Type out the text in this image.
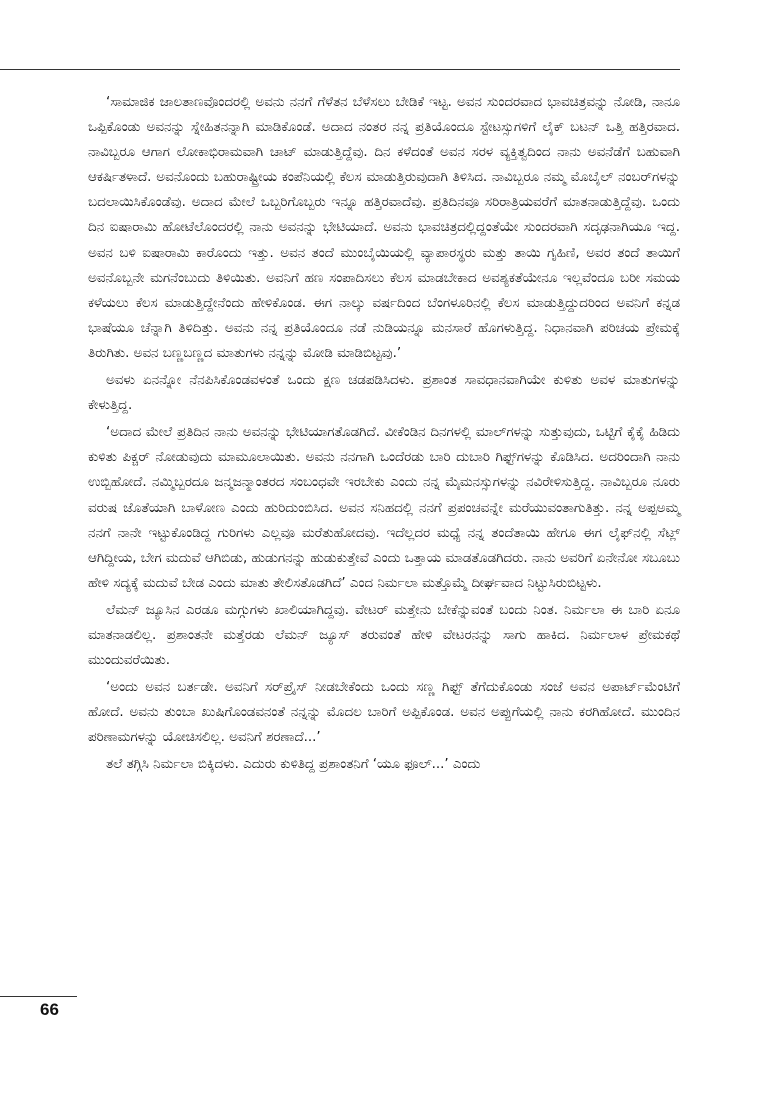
‘ಸಾಮಾಜಿಕ ಜಾಲತಾಣವೊಂದರಲ್ಲಿ ಅವನು ನನಗೆ ಗೆಳೆತನ ಬೆಳೆಸಲು ಬೇಡಿಕೆ ಇಟ್ಟ. ಅವನ ಸುಂದರವಾದ ಭಾವಚಿತ್ರವನ್ನು ನೋಡಿ, ನಾನೂ ಒಪ್ಪಿಕೊಂಡು ಅವನನ್ನು ಸ್ನೇಹಿತನನ್ನಾಗಿ ಮಾಡಿಕೊಂಡೆ. ಅದಾದ ನಂತರ ನನ್ನ ಪ್ರತಿಯೊಂದೂ ಸ್ಟೇಟಸ್ಸುಗಳಿಗೆ ಲೈಕ್ ಬಟನ್ ಒತ್ತಿ ಹತ್ತಿರವಾದ. ನಾವಿಬ್ಬರೂ ಆಗಾಗ ಲೋಕಾಭಿರಾಮವಾಗಿ ಚಾಟ್ ಮಾಡುತ್ತಿದ್ದೆವು. ದಿನ ಕಳೆದಂತೆ ಅವನ ಸರಳ ವ್ಯಕ್ತಿತ್ವದಿಂದ ನಾನು ಅವನೆಡೆಗೆ ಬಹುವಾಗಿ ಆಕರ್ಷಿತಳಾದೆ. ಅವನೊಂದು ಬಹುರಾಷ್ಟ್ರೀಯ ಕಂಪೆನಿಯಲ್ಲಿ ಕೆಲಸ ಮಾಡುತ್ತಿರುವುದಾಗಿ ತಿಳಿಸಿದ. ನಾವಿಬ್ಬರೂ ನಮ್ಮ ಮೊಬೈಲ್ ನಂಬರ್‌ಗಳನ್ನು ಬದಲಾಯಿಸಿಕೊಂಡೆವು. ಅದಾದ ಮೇಲೆ ಒಬ್ಬರಿಗೊಬ್ಬರು ಇನ್ನೂ ಹತ್ತಿರವಾದೆವು. ಪ್ರತಿದಿನವೂ ಸರಿರಾತ್ರಿಯವರೆಗೆ ಮಾತನಾಡುತ್ತಿದ್ದೆವು. ಒಂದು ದಿನ ಐಷಾರಾಮಿ ಹೋಟೆಲೊಂದರಲ್ಲಿ ನಾನು ಅವನನ್ನು ಭೇಟಿಯಾದೆ. ಅವನು ಭಾವಚಿತ್ರದಲ್ಲಿದ್ದಂತೆಯೇ ಸುಂದರವಾಗಿ ಸದೃಢನಾಗಿಯೂ ಇದ್ದ. ಅವನ ಬಳಿ ಐಷಾರಾಮಿ ಕಾರೊಂದು ಇತ್ತು. ಅವನ ತಂದೆ ಮುಂಬೈಯಿಯಲ್ಲಿ ವ್ಯಾಪಾರಸ್ಥರು ಮತ್ತು ತಾಯಿ ಗೃಹಿಣಿ, ಅವರ ತಂದೆ ತಾಯಿಗೆ ಅವನೊಬ್ಬನೇ ಮಗನೆಂಬುದು ತಿಳಿಯಿತು. ಅವನಿಗೆ ಹಣ ಸಂಪಾದಿಸಲು ಕೆಲಸ ಮಾಡಬೇಕಾದ ಅವಶ್ಯಕತೆಯೇನೂ ಇಲ್ಲವೆಂದೂ ಬರೀ ಸಮಯ ಕಳೆಯಲು ಕೆಲಸ ಮಾಡುತ್ತಿದ್ದೇನೆಂದು ಹೇಳಿಕೊಂಡ. ಈಗ ನಾಲ್ಕು ವರ್ಷದಿಂದ ಬೆಂಗಳೂರಿನಲ್ಲಿ ಕೆಲಸ ಮಾಡುತ್ತಿದ್ದುದರಿಂದ ಅವನಿಗೆ ಕನ್ನಡ ಭಾಷೆಯೂ ಚೆನ್ನಾಗಿ ತಿಳಿದಿತ್ತು. ಅವನು ನನ್ನ ಪ್ರತಿಯೊಂದೂ ನಡೆ ನುಡಿಯನ್ನೂ ಮನಸಾರೆ ಹೊಗಳುತ್ತಿದ್ದ. ನಿಧಾನವಾಗಿ ಪರಿಚಯ ಪ್ರೇಮಕ್ಕೆ ತಿರುಗಿತು. ಅವನ ಬಣ್ಣಬಣ್ಣದ ಮಾತುಗಳು ನನ್ನನ್ನು ಮೋಡಿ ಮಾಡಿಬಿಟ್ಟವು.’

ಅವಳು ಏನನ್ನೋ ನೆನಪಿಸಿಕೊಂಡವಳಂತೆ ಒಂದು ಕ್ಷಣ ಚಡಪಡಿಸಿದಳು. ಪ್ರಶಾಂತ ಸಾವಧಾನವಾಗಿಯೇ ಕುಳಿತು ಅವಳ ಮಾತುಗಳನ್ನು ಕೇಳುತ್ತಿದ್ದ.

‘ಅದಾದ ಮೇಲೆ ಪ್ರತಿದಿನ ನಾನು ಅವನನ್ನು ಭೇಟಿಯಾಗತೊಡಗಿದೆ. ವೀಕೆಂಡಿನ ದಿನಗಳಲ್ಲಿ ಮಾಲ್‌ಗಳನ್ನು ಸುತ್ತುವುದು, ಒಟ್ಟಿಗೆ ಕೈಕೈ ಹಿಡಿದು ಕುಳಿತು ಪಿಕ್ಚರ್ ನೋಡುವುದು ಮಾಮೂಲಾಯಿತು. ಅವನು ನನಗಾಗಿ ಒಂದೆರಡು ಬಾರಿ ದುಬಾರಿ ಗಿಫ್ಟ್‌ಗಳನ್ನು ಕೊಡಿಸಿದ. ಅದರಿಂದಾಗಿ ನಾನು ಉಬ್ಬಿಹೋದೆ. ನಮ್ಮಿಬ್ಬರದೂ ಜನ್ಮಜನ್ಮಾಂತರದ ಸಂಬಂಧವೇ ಇರಬೇಕು ಎಂದು ನನ್ನ ಮೈಮನಸ್ಸುಗಳನ್ನು ನವಿರೇಳಿಸುತ್ತಿದ್ದ. ನಾವಿಬ್ಬರೂ ನೂರು ವರುಷ ಜೊತೆಯಾಗಿ ಬಾಳೋಣ ಎಂದು ಹುರಿದುಂಬಿಸಿದ. ಅವನ ಸನಿಹದಲ್ಲಿ ನನಗೆ ಪ್ರಪಂಚವನ್ನೇ ಮರೆಯುವಂತಾಗುತಿತ್ತು. ನನ್ನ ಅಪ್ಪಅಮ್ಮ ನನಗೆ ನಾನೇ ಇಟ್ಟುಕೊಂಡಿದ್ದ ಗುರಿಗಳು ಎಲ್ಲವೂ ಮರೆತುಹೋದವು. ಇದೆಲ್ಲದರ ಮಧ್ಯೆ ನನ್ನ ತಂದೆತಾಯಿ ಹೇಗೂ ಈಗ ಲೈಫ್‌ನಲ್ಲಿ ಸೆಟ್ಲ್ ಆಗಿದ್ದೀಯ, ಬೇಗ ಮದುವೆ ಆಗಿಬಿಡು, ಹುಡುಗನನ್ನು ಹುಡುಕುತ್ತೇವೆ ಎಂದು ಒತ್ತಾಯ ಮಾಡತೊಡಗಿದರು. ನಾನು ಅವರಿಗೆ ಏನೇನೋ ಸಬೂಬು ಹೇಳಿ ಸದ್ಯಕ್ಕೆ ಮದುವೆ ಬೇಡ ಎಂದು ಮಾತು ತೇಲಿಸತೊಡಗಿದೆ’ ಎಂದ ನಿರ್ಮಲಾ ಮತ್ತೊಮ್ಮೆ ದೀರ್ಘವಾದ ನಿಟ್ಟುಸಿರುಬಿಟ್ಟಳು.

ಲೆಮನ್ ಜ್ಯೂಸಿನ ಎರಡೂ ಮಗ್ಗುಗಳು ಖಾಲಿಯಾಗಿದ್ದವು. ವೇಟರ್ ಮತ್ತೇನು ಬೇಕೆನ್ನುವಂತೆ ಬಂದು ನಿಂತ. ನಿರ್ಮಲಾ ಈ ಬಾರಿ ಏನೂ ಮಾತನಾಡಲಿಲ್ಲ. ಪ್ರಶಾಂತನೇ ಮತ್ತೆರಡು ಲೆಮನ್ ಜ್ಯೂಸ್ ತರುವಂತೆ ಹೇಳಿ ವೇಟರನನ್ನು ಸಾಗು ಹಾಕಿದ. ನಿರ್ಮಲಾಳ ಪ್ರೇಮಕಥೆ ಮುಂದುವರೆಯಿತು.

‘ಅಂದು ಅವನ ಬರ್ತಡೇ. ಅವನಿಗೆ ಸರ್‌ಪ್ರೈಸ್ ನೀಡಬೇಕೆಂದು ಒಂದು ಸಣ್ಣ ಗಿಫ್ಟ್ ತೆಗೆದುಕೊಂಡು ಸಂಜೆ ಅವನ ಅಪಾರ್ಟ್‌ಮೆಂಟಿಗೆ ಹೋದೆ. ಅವನು ತುಂಬಾ ಖುಷಿಗೊಂಡವನಂತೆ ನನ್ನನ್ನು ಮೊದಲ ಬಾರಿಗೆ ಅಪ್ಪಿಕೊಂಡ. ಅವನ ಅಪ್ಪುಗೆಯಲ್ಲಿ ನಾನು ಕರಗಿಹೋದೆ. ಮುಂದಿನ ಪರಿಣಾಮಗಳನ್ನು ಯೋಚಿಸಲಿಲ್ಲ. ಅವನಿಗೆ ಶರಣಾದೆ...’

ತಲೆ ತಗ್ಗಿಸಿ ನಿರ್ಮಲಾ ಬಿಕ್ಕಿದಳು. ಎದುರು ಕುಳಿತಿದ್ದ ಪ್ರಶಾಂತನಿಗೆ ‘ಯೂ ಫೂಲ್...’ ಎಂದು

66
